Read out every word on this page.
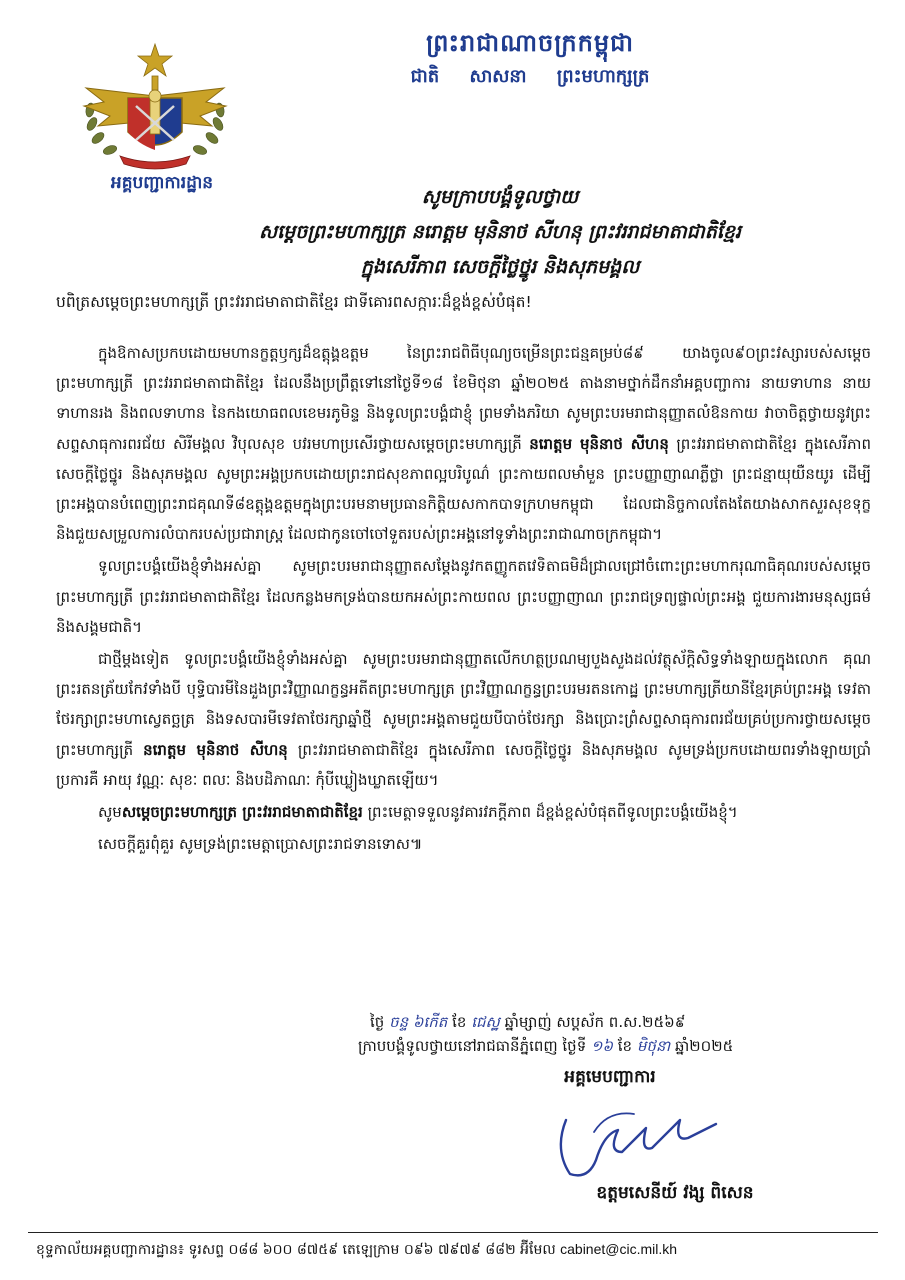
អគ្គបញ្ជាការដ្ឋាន
ព្រះរាជាណាចក្រកម្ពុជា
ជាតិ សាសនា ព្រះមហាក្សត្រ
សូមក្រាបបង្គំទូលថ្វាយ
សម្តេចព្រះមហាក្សត្រ នរោត្តម មុនិនាថ សីហនុ ព្រះវររាជមាតាជាតិខ្មែរ
ក្នុងសេរីភាព សេចក្តីថ្លៃថ្នូរ និងសុភមង្គល
បពិត្រសម្តេចព្រះមហាក្សត្រី ព្រះវររាជមាតាជាតិខ្មែរ ជាទីគោរពសក្ការៈដ៏ខ្ពង់ខ្ពស់បំផុត!

ក្នុងឱកាសប្រកបដោយមហានក្ខត្តឫក្សដ៏ឧត្តុង្គឧត្តម នៃព្រះរាជពិធីបុណ្យចម្រើនព្រះជន្មគម្រប់៨៩ យាងចូល៩០ព្រះវស្សារបស់សម្តេចព្រះមហាក្សត្រី ព្រះវររាជមាតាជាតិខ្មែរ ដែលនឹងប្រព្រឹត្តទៅនៅថ្ងៃទី១៨ ខែមិថុនា ឆ្នាំ២០២៥ តាងនាមថ្នាក់ដឹកនាំអគ្គបញ្ជាការ នាយទាហាន នាយទាហានរង និងពលទាហាន នៃកងយោធពលខេមរភូមិន្ទ និងទូលព្រះបង្គំជាខ្ញុំ ព្រមទាំងភរិយា សូមព្រះបរមរាជានុញ្ញាតលំឱនកាយ វាចាចិត្តថ្វាយនូវព្រះសព្ទសាធុការពរជ័យ សិរីមង្គល វិបុលសុខ បវរមហាប្រសើរថ្វាយសម្តេចព្រះមហាក្សត្រី នរោត្តម មុនិនាថ សីហនុ ព្រះវររាជមាតាជាតិខ្មែរ ក្នុងសេរីភាព សេចក្តីថ្លៃថ្នូរ និងសុភមង្គល សូមព្រះអង្គប្រកបដោយព្រះរាជសុខភាពល្អបរិបូណ៌ ព្រះកាយពលមាំមួន ព្រះបញ្ញាញាណភ្លឺថ្លា ព្រះជន្មាយុយឺនយូរ ដើម្បីព្រះអង្គបានបំពេញព្រះរាជគុណទី៨ឧត្តុង្គឧត្តមក្នុងព្រះបរមនាមប្រធានកិត្តិយសកាកបាទក្រហមកម្ពុជា ដែលជានិច្ចកាលតែងតែយាងសាកសួរសុខទុក្ខ និងជួយសម្រួលការលំបាករបស់ប្រជារាស្ត្រ ដែលជាកូនចៅចៅទួតរបស់ព្រះអង្គនៅទូទាំងព្រះរាជាណាចក្រកម្ពុជា។

ទូលព្រះបង្គំយើងខ្ញុំទាំងអស់គ្នា សូមព្រះបរមរាជានុញ្ញាតសម្តែងនូវកតញ្ញូកតវេទិតាធមិដ៏ជ្រាលជ្រៅចំពោះព្រះមហាករុណាធិគុណរបស់សម្តេចព្រះមហាក្សត្រី ព្រះវររាជមាតាជាតិខ្មែរ ដែលកន្លងមកទ្រង់បានយកអស់ព្រះកាយពល ព្រះបញ្ញាញាណ ព្រះរាជទ្រព្យផ្ទាល់ព្រះអង្គ ជួយការងារមនុស្សធម៌និងសង្គមជាតិ។

ជាថ្មីម្តងទៀត ទូលព្រះបង្គំយើងខ្ញុំទាំងអស់គ្នា សូមព្រះបរមរាជានុញ្ញាតលើកហត្ថប្រណម្យបួងសួងដល់វត្ថុស័ក្តិសិទ្ធទាំងឡាយក្នុងលោក គុណព្រះរតនត្រ័យកែវទាំងបី បុទ្ធិបារមីនៃដួងព្រះវិញ្ញាណក្ខន្ធអតីតព្រះមហាក្សត្រ ព្រះវិញ្ញាណក្ខន្ធព្រះបរមរតនកោដ្ឋ ព្រះមហាក្សត្រីយានីខ្មែរគ្រប់ព្រះអង្គ ទេវតាថែរក្សាព្រះមហាស្វេតច្ឆត្រ និងទសបារមីទេវតាថែរក្សាឆ្នាំថ្មី សូមព្រះអង្គតាមជួយបីបាច់ថែរក្សា និងប្រោះព្រំសព្ទសាធុការពរជ័យគ្រប់ប្រការថ្វាយសម្តេចព្រះមហាក្សត្រី នរោត្តម មុនិនាថ សីហនុ ព្រះវររាជមាតាជាតិខ្មែរ ក្នុងសេរីភាព សេចក្តីថ្លៃថ្នូរ និងសុភមង្គល សូមទ្រង់ប្រកបដោយពរទាំងឡាយប្រាំប្រការគឺ អាយុ វណ្ណៈ សុខៈ ពលៈ និងបដិភាណៈ កុំបីឃ្លៀងឃ្លាតឡើយ។

សូមសម្តេចព្រះមហាក្សត្រ ព្រះវររាជមាតាជាតិខ្មែរ ព្រះមេត្តាទទួលនូវគារវភក្តីភាព ដ៏ខ្ពង់ខ្ពស់បំផុតពីទូលព្រះបង្គំយើងខ្ញុំ។

សេចក្តីគួរពុំគួរ សូមទ្រង់ព្រះមេត្តាប្រោសព្រះរាជទានទោស៕

ថ្ងៃ ចន្ទ ៦កើត ខែ ជេស្ឋ ឆ្នាំម្សាញ់ សប្តស័ក ព.ស.២៥៦៩
ក្រាបបង្គំទូលថ្វាយនៅរាជធានីភ្នំពេញ ថ្ងៃទី ១៦ ខែ មិថុនា ឆ្នាំ២០២៥
អគ្គមេបញ្ជាការ
ឧត្តមសេនីយ៍ វង្ស ពិសេន
ខុទ្ទកាល័យអគ្គបញ្ជាការដ្ឋាន៖ ទូរសព្ទ ០៨៨ ៦០០ ៨៧៥៩ តេឡេក្រាម ០៩៦ ៧៩៧៩ ៨៨២ អ៊ីមែល cabinet@cic.mil.kh
